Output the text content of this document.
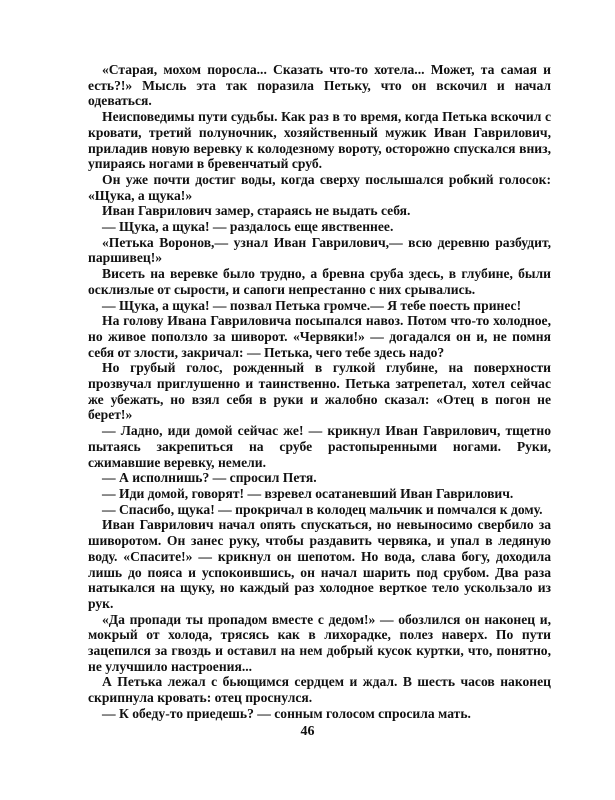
«Старая, мохом поросла... Сказать что-то хотела... Может, та самая и есть?!» Мысль эта так поразила Петьку, что он вскочил и начал одеваться.

Неисповедимы пути судьбы. Как раз в то время, когда Петька вскочил с кровати, третий полуночник, хозяйственный мужик Иван Гаврилович, приладив новую веревку к колодезному вороту, осторожно спускался вниз, упираясь ногами в бревенчатый сруб.

Он уже почти достиг воды, когда сверху послышался робкий голосок: «Щука, а щука!»

Иван Гаврилович замер, стараясь не выдать себя.

— Щука, а щука! — раздалось еще явственнее.

«Петька Воронов,— узнал Иван Гаврилович,— всю деревню разбудит, паршивец!»

Висеть на веревке было трудно, а бревна сруба здесь, в глубине, были осклизлые от сырости, и сапоги непрестанно с них срывались.

— Щука, а щука! — позвал Петька громче.— Я тебе поесть принес!

На голову Ивана Гавриловича посыпался навоз. Потом что-то холодное, но живое поползло за шиворот. «Червяки!» — догадался он и, не помня себя от злости, закричал: — Петька, чего тебе здесь надо?

Но грубый голос, рожденный в гулкой глубине, на поверхности прозвучал приглушенно и таинственно. Петька затрепетал, хотел сейчас же убежать, но взял себя в руки и жалобно сказал: «Отец в погон не берет!»

— Ладно, иди домой сейчас же! — крикнул Иван Гаврилович, тщетно пытаясь закрепиться на срубе растопыренными ногами. Руки, сжимавшие веревку, немели.

— А исполнишь? — спросил Петя.

— Иди домой, говорят! — взревел осатаневший Иван Гаврилович.

— Спасибо, щука! — прокричал в колодец мальчик и помчался к дому.

Иван Гаврилович начал опять спускаться, но невыносимо свербило за шиворотом. Он занес руку, чтобы раздавить червяка, и упал в ледяную воду. «Спасите!» — крикнул он шепотом. Но вода, слава богу, доходила лишь до пояса и успокоившись, он начал шарить под срубом. Два раза натыкался на щуку, но каждый раз холодное верткое тело ускользало из рук.

«Да пропади ты пропадом вместе с дедом!» — обозлился он наконец и, мокрый от холода, трясясь как в лихорадке, полез наверх. По пути зацепился за гвоздь и оставил на нем добрый кусок куртки, что, понятно, не улучшило настроения...

А Петька лежал с бьющимся сердцем и ждал. В шесть часов наконец скрипнула кровать: отец проснулся.

— К обеду-то приедешь? — сонным голосом спросила мать.

46
